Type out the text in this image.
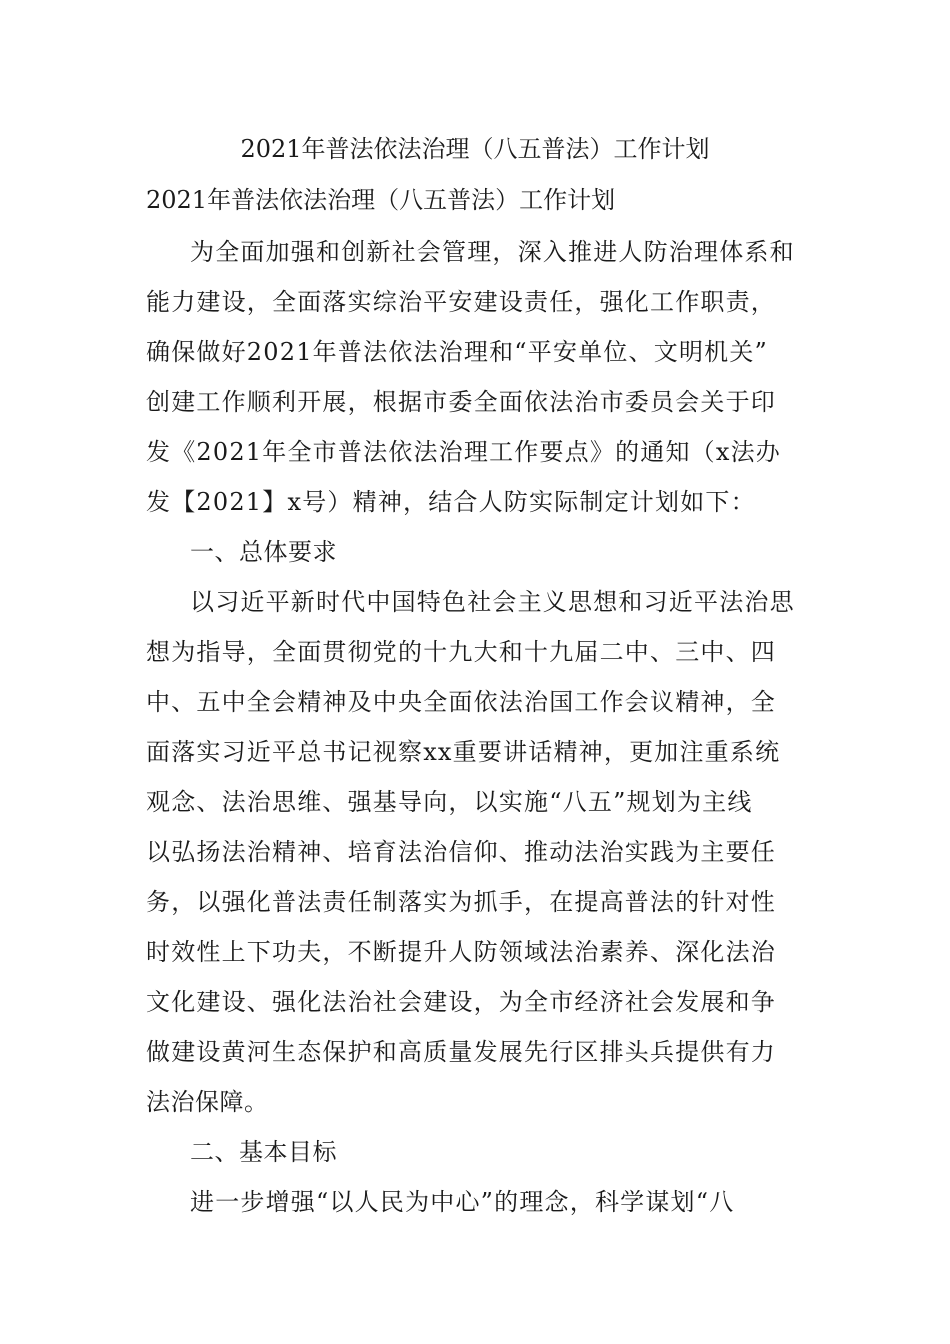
2021年普法依法治理（八五普法）工作计划
2021年普法依法治理（八五普法）工作计划
为全面加强和创新社会管理，深入推进人防治理体系和
能力建设，全面落实综治平安建设责任，强化工作职责，
确保做好2021年普法依法治理和“平安单位、文明机关”
创建工作顺利开展，根据市委全面依法治市委员会关于印
发《2021年全市普法依法治理工作要点》的通知（x法办
发【2021】x号）精神，结合人防实际制定计划如下：
一、总体要求
以习近平新时代中国特色社会主义思想和习近平法治思
想为指导，全面贯彻党的十九大和十九届二中、三中、四
中、五中全会精神及中央全面依法治国工作会议精神，全
面落实习近平总书记视察xx重要讲话精神，更加注重系统
观念、法治思维、强基导向，以实施“八五”规划为主线
以弘扬法治精神、培育法治信仰、推动法治实践为主要任
务，以强化普法责任制落实为抓手，在提高普法的针对性
时效性上下功夫，不断提升人防领域法治素养、深化法治
文化建设、强化法治社会建设，为全市经济社会发展和争
做建设黄河生态保护和高质量发展先行区排头兵提供有力
法治保障。
二、基本目标
进一步增强“以人民为中心”的理念，科学谋划“八
